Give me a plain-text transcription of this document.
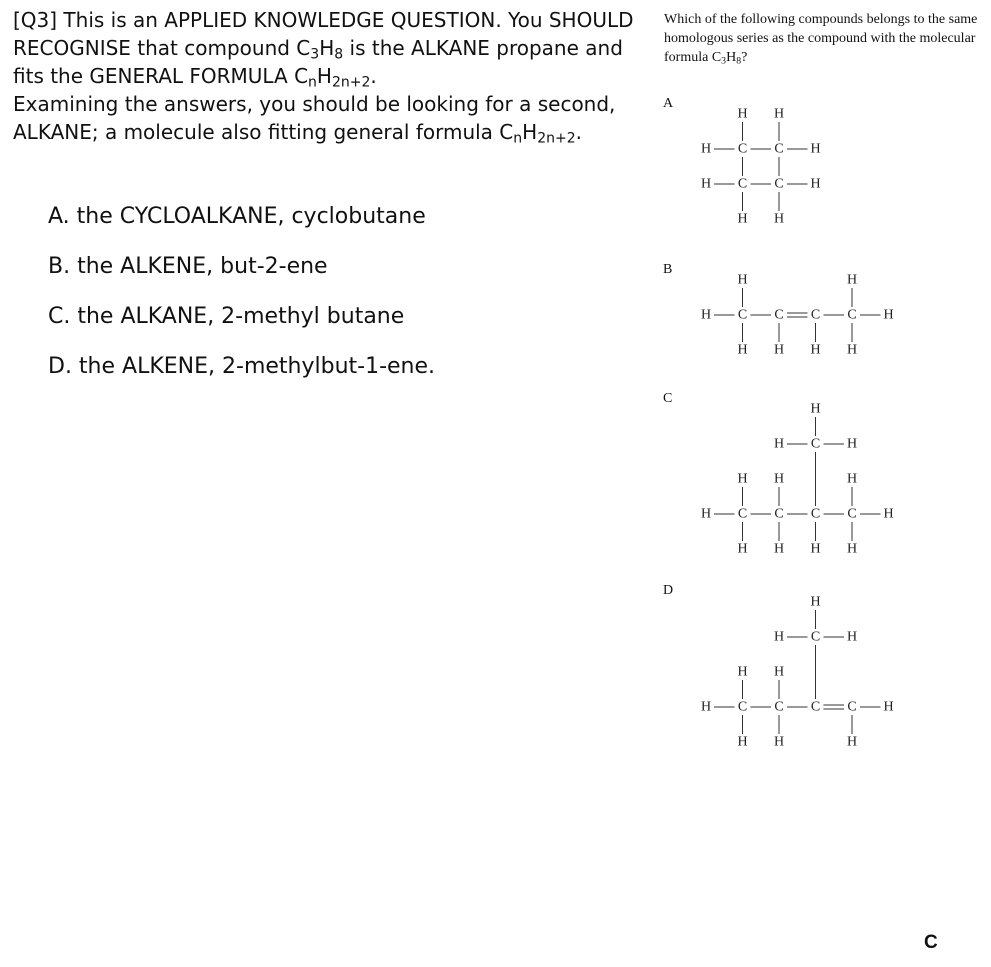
[Q3] This is an APPLIED KNOWLEDGE QUESTION. You SHOULD RECOGNISE that compound $C_3H_8$ is the ALKANE propane and fits the GENERAL FORMULA $C_nH_{2n+2}$.

Examining the answers, you should be looking for a second, ALKANE; a molecule also fitting general formula $C_nH_{2n+2}$.

A. the CYCLOALKANE, cyclobutane
B. the ALKENE, but-2-ene
C. the ALKANE, 2-methyl butane
D. the ALKENE, 2-methylbut-1-ene.

Which of the following compounds belongs to the same homologous series as the compound with the molecular formula $C_3H_8$?

A
B
C
D
H H
H C C H
H C C H
H H
H	H
H C C C C H
H H H H
H
H C H
H H	H
H C C C C H
H H H H
H
H C H
H H
H C C C C H
H H	H
C
